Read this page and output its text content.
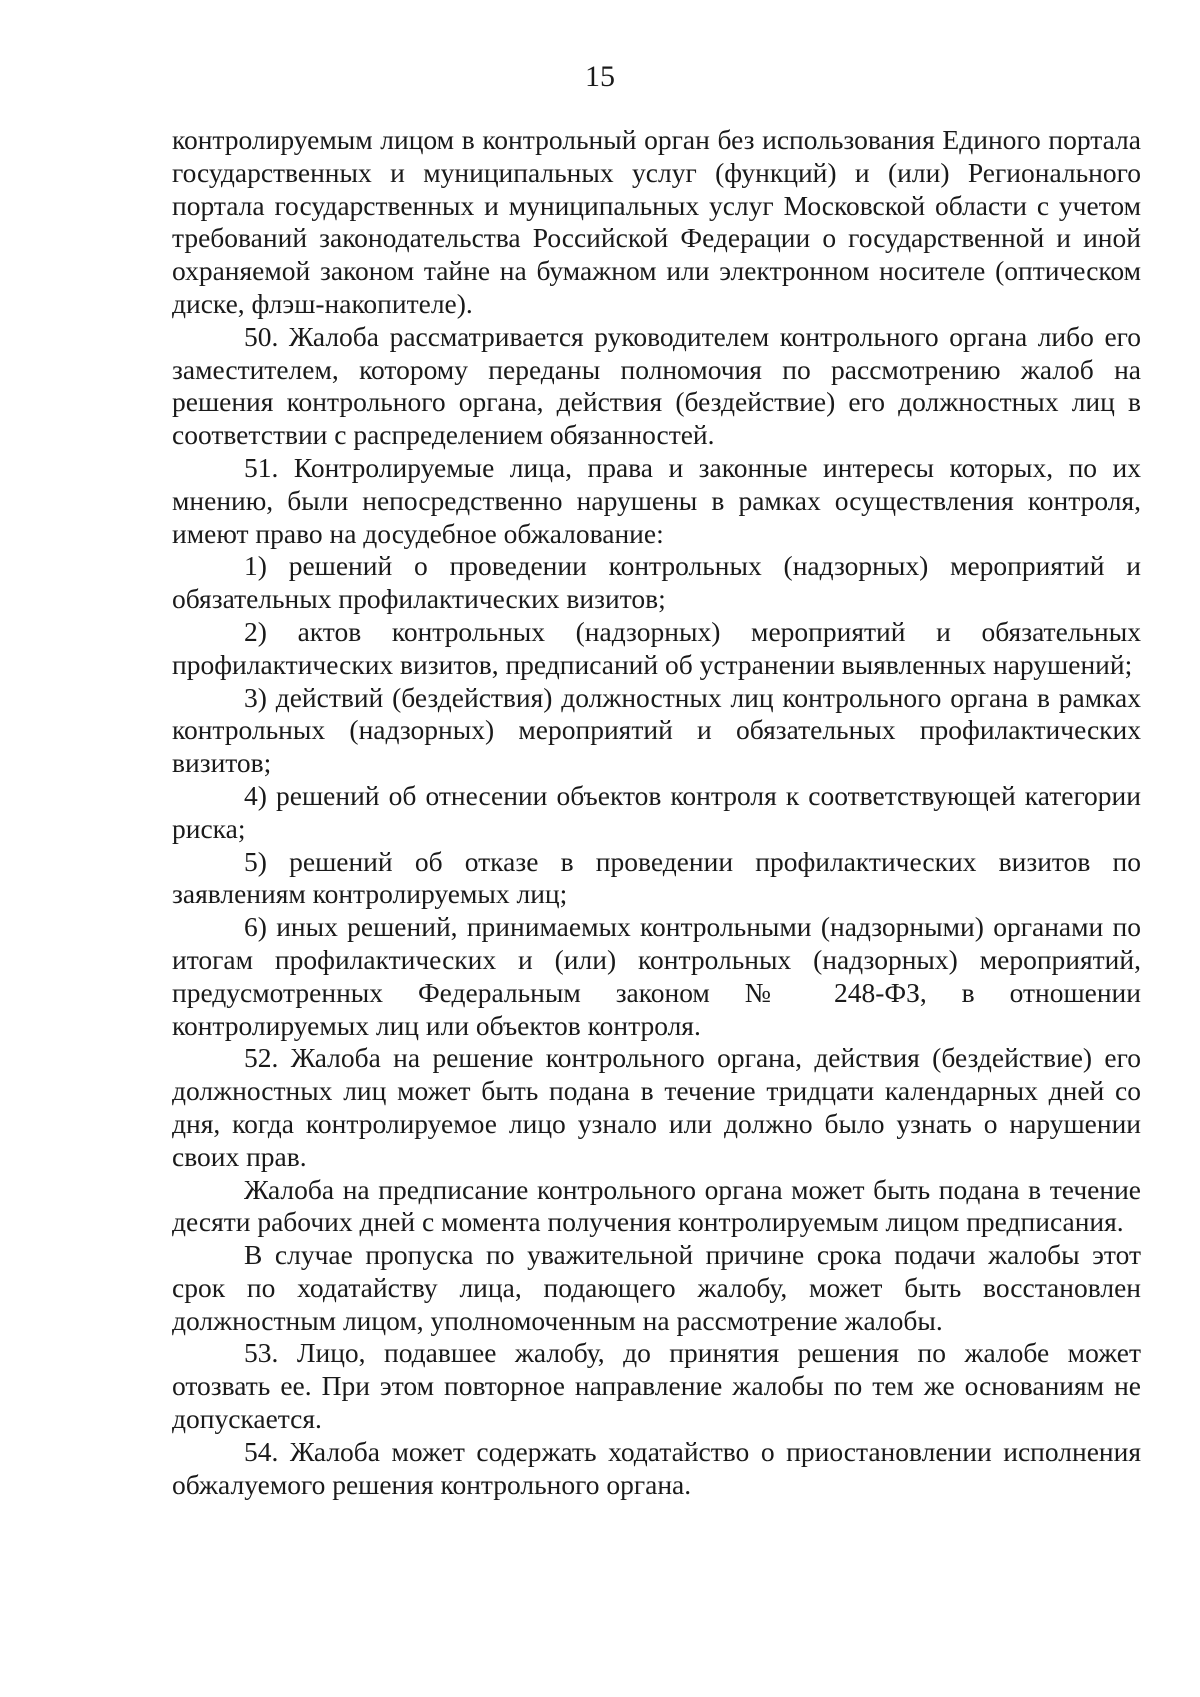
15

контролируемым лицом в контрольный орган без использования Единого портала государственных и муниципальных услуг (функций) и (или) Регионального портала государственных и муниципальных услуг Московской области с учетом требований законодательства Российской Федерации о государственной и иной охраняемой законом тайне на бумажном или электронном носителе (оптическом диске, флэш-накопителе).

50. Жалоба рассматривается руководителем контрольного органа либо его заместителем, которому переданы полномочия по рассмотрению жалоб на решения контрольного органа, действия (бездействие) его должностных лиц в соответствии с распределением обязанностей.

51. Контролируемые лица, права и законные интересы которых, по их мнению, были непосредственно нарушены в рамках осуществления контроля, имеют право на досудебное обжалование:

1) решений о проведении контрольных (надзорных) мероприятий и обязательных профилактических визитов;

2) актов контрольных (надзорных) мероприятий и обязательных профилактических визитов, предписаний об устранении выявленных нарушений;

3) действий (бездействия) должностных лиц контрольного органа в рамках контрольных (надзорных) мероприятий и обязательных профилактических визитов;

4) решений об отнесении объектов контроля к соответствующей категории риска;

5) решений об отказе в проведении профилактических визитов по заявлениям контролируемых лиц;

6) иных решений, принимаемых контрольными (надзорными) органами по итогам профилактических и (или) контрольных (надзорных) мероприятий, предусмотренных Федеральным законом № 248-ФЗ, в отношении контролируемых лиц или объектов контроля.

52. Жалоба на решение контрольного органа, действия (бездействие) его должностных лиц может быть подана в течение тридцати календарных дней со дня, когда контролируемое лицо узнало или должно было узнать о нарушении своих прав.

Жалоба на предписание контрольного органа может быть подана в течение десяти рабочих дней с момента получения контролируемым лицом предписания.

В случае пропуска по уважительной причине срока подачи жалобы этот срок по ходатайству лица, подающего жалобу, может быть восстановлен должностным лицом, уполномоченным на рассмотрение жалобы.

53. Лицо, подавшее жалобу, до принятия решения по жалобе может отозвать ее. При этом повторное направление жалобы по тем же основаниям не допускается.

54. Жалоба может содержать ходатайство о приостановлении исполнения обжалуемого решения контрольного органа.
